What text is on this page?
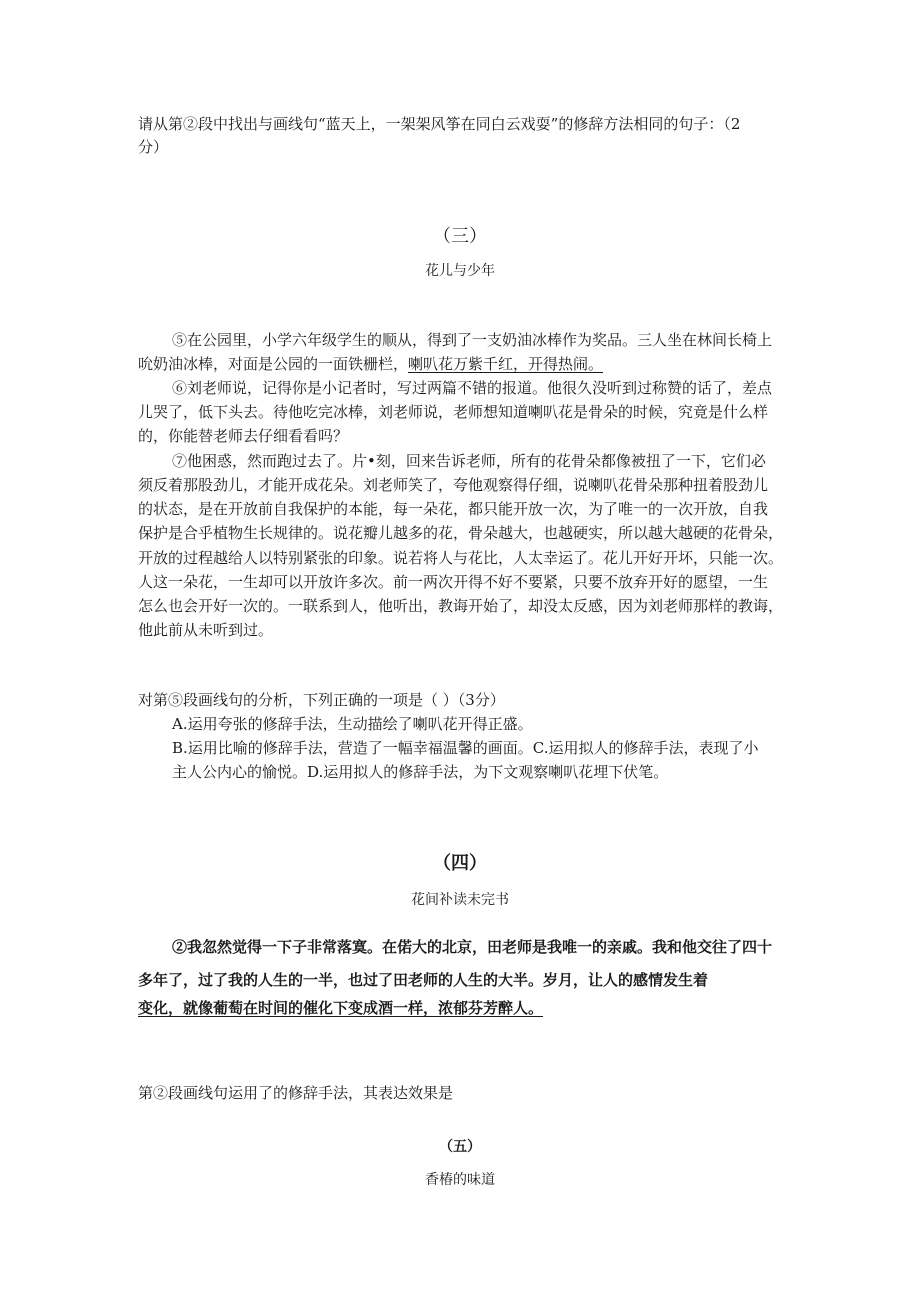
请从第②段中找出与画线句“蓝天上，一架架风筝在同白云戏耍”的修辞方法相同的句子：（2
分）
（三）
花儿与少年
⑤在公园里，小学六年级学生的顺从，得到了一支奶油冰棒作为奖品。三人坐在林间长椅上
吮奶油冰棒，对面是公园的一面铁栅栏，喇叭花万紫千红，开得热闹。
⑥刘老师说，记得你是小记者时，写过两篇不错的报道。他很久没听到过称赞的话了，差点
儿哭了，低下头去。待他吃完冰棒，刘老师说，老师想知道喇叭花是骨朵的时候，究竟是什么样
的，你能替老师去仔细看看吗？
⑦他困惑，然而跑过去了。片•刻，回来告诉老师，所有的花骨朵都像被扭了一下，它们必
须反着那股劲儿，才能开成花朵。刘老师笑了，夸他观察得仔细，说喇叭花骨朵那种扭着股劲儿
的状态，是在开放前自我保护的本能，每一朵花，都只能开放一次，为了唯一的一次开放，自我
保护是合乎植物生长规律的。说花瓣儿越多的花，骨朵越大，也越硬实，所以越大越硬的花骨朵，
开放的过程越给人以特别紧张的印象。说若将人与花比，人太幸运了。花儿开好开坏，只能一次。
人这一朵花，一生却可以开放许多次。前一两次开得不好不要紧，只要不放弃开好的愿望，一生
怎么也会开好一次的。一联系到人，他听出，教诲开始了，却没太反感，因为刘老师那样的教诲，
他此前从未听到过。
对第⑤段画线句的分析，下列正确的一项是（ ）（3分）
A.运用夸张的修辞手法，生动描绘了喇叭花开得正盛。
B.运用比喻的修辞手法，营造了一幅幸福温馨的画面。C.运用拟人的修辞手法，表现了小
主人公内心的愉悦。D.运用拟人的修辞手法，为下文观察喇叭花埋下伏笔。
（四）
花间补读未完书
②我忽然觉得一下子非常落寞。在偌大的北京，田老师是我唯一的亲戚。我和他交往了四十
多年了，过了我的人生的一半，也过了田老师的人生的大半。岁月，让人的感情发生着
变化，就像葡萄在时间的催化下变成酒一样，浓郁芬芳醉人。
第②段画线句运用了的修辞手法，其表达效果是
（五）
香椿的味道
